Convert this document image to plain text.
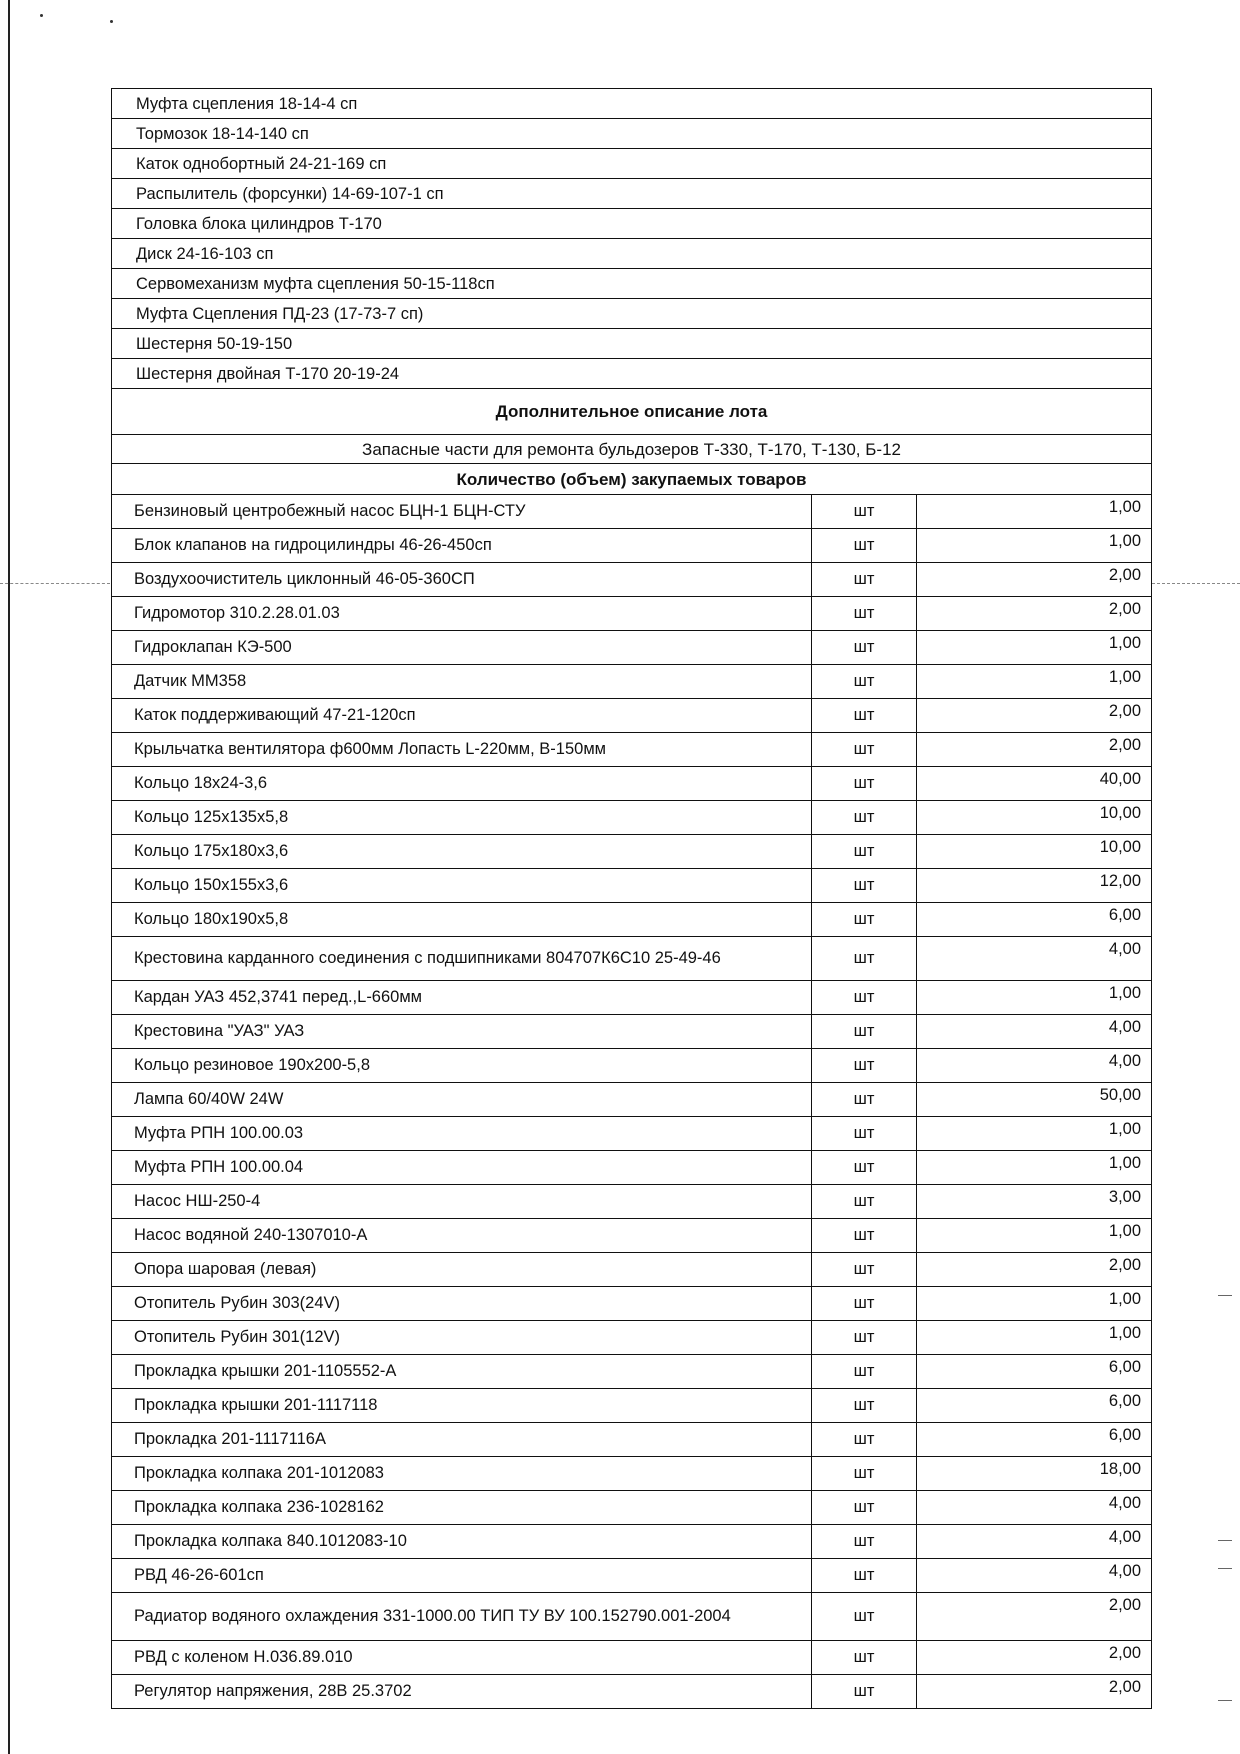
Муфта сцепления 18-14-4 сп		
Тормозок 18-14-140 сп		
Каток однобортный 24-21-169 сп		
Распылитель (форсунки) 14-69-107-1 сп		
Головка блока цилиндров Т-170		
Диск 24-16-103 сп		
Сервомеханизм муфта сцепления 50-15-118сп		
Муфта Сцепления ПД-23 (17-73-7 сп)		
Шестерня 50-19-150		
Шестерня двойная Т-170 20-19-24		
Дополнительное описание лота		
Запасные части для ремонта бульдозеров Т-330, Т-170, Т-130, Б-12		
Количество (объем) закупаемых товаров		
Бензиновый центробежный насос БЦН-1 БЦН-СТУ	шт	1,00
Блок клапанов на гидроцилиндры 46-26-450сп	шт	1,00
Воздухоочиститель циклонный 46-05-360СП	шт	2,00
Гидромотор 310.2.28.01.03	шт	2,00
Гидроклапан КЭ-500	шт	1,00
Датчик ММ358	шт	1,00
Каток поддерживающий 47-21-120сп	шт	2,00
Крыльчатка вентилятора ф600мм Лопасть L-220мм, В-150мм	шт	2,00
Кольцо 18х24-3,6	шт	40,00
Кольцо 125х135х5,8	шт	10,00
Кольцо 175х180х3,6	шт	10,00
Кольцо 150х155х3,6	шт	12,00
Кольцо 180х190х5,8	шт	6,00
Крестовина карданного соединения с подшипниками 804707К6С10 25-49-46	шт	4,00
Кардан УАЗ 452,3741 перед.,L-660мм	шт	1,00
Крестовина "УАЗ" УАЗ	шт	4,00
Кольцо резиновое 190х200-5,8	шт	4,00
Лампа 60/40W 24W	шт	50,00
Муфта РПН 100.00.03	шт	1,00
Муфта РПН 100.00.04	шт	1,00
Насос НШ-250-4	шт	3,00
Насос водяной 240-1307010-А	шт	1,00
Опора шаровая (левая)	шт	2,00
Отопитель Рубин 303(24V)	шт	1,00
Отопитель Рубин 301(12V)	шт	1,00
Прокладка крышки 201-1105552-А	шт	6,00
Прокладка крышки 201-1117118	шт	6,00
Прокладка 201-1117116А	шт	6,00
Прокладка колпака 201-1012083	шт	18,00
Прокладка колпака 236-1028162	шт	4,00
Прокладка колпака 840.1012083-10	шт	4,00
РВД 46-26-601сп	шт	4,00
Радиатор водяного охлаждения 331-1000.00 ТИП ТУ ВУ 100.152790.001-2004	шт	2,00
РВД с коленом Н.036.89.010	шт	2,00
Регулятор напряжения, 28В 25.3702	шт	2,00
